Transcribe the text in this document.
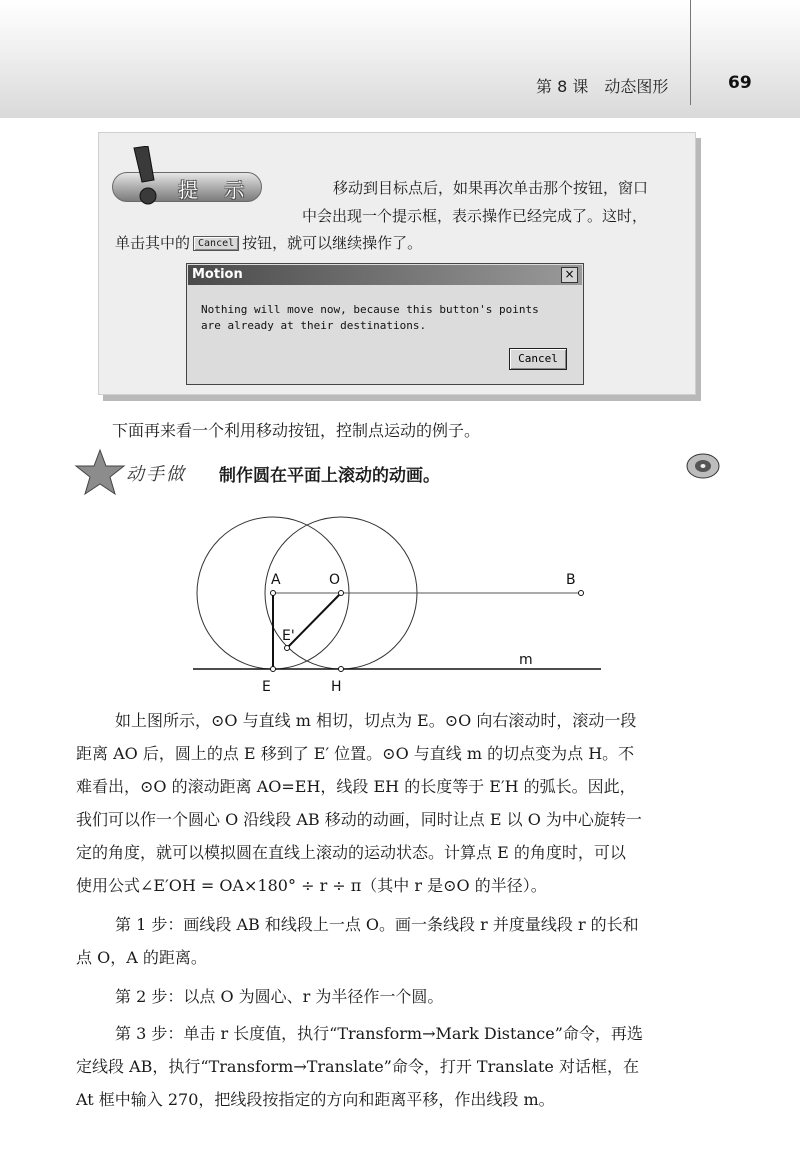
第 8 课　动态图形	69
提 示	移动到目标点后，如果再次单击那个按钮，窗口
中会出现一个提示框，表示操作已经完成了。这时，
单击其中的 Cancel 按钮，就可以继续操作了。
Motion	×
Nothing will move now, because this button's points
are already at their destinations.
Cancel
下面再来看一个利用移动按钮，控制点运动的例子。
动手做 制作圆在平面上滚动的动画。
A	O	B
E'
m
E	H
如上图所示，⊙O 与直线 m 相切，切点为 E。⊙O 向右滚动时，滚动一段
距离 AO 后，圆上的点 E 移到了 E′ 位置。⊙O 与直线 m 的切点变为点 H。不
难看出，⊙O 的滚动距离 AO=EH，线段 EH 的长度等于 E′H 的弧长。因此，
我们可以作一个圆心 O 沿线段 AB 移动的动画，同时让点 E 以 O 为中心旋转一
定的角度，就可以模拟圆在直线上滚动的运动状态。计算点 E 的角度时，可以
使用公式∠E′OH = OA×180° ÷ r ÷ π（其中 r 是⊙O 的半径）。
第 1 步：画线段 AB 和线段上一点 O。画一条线段 r 并度量线段 r 的长和
点 O，A 的距离。
第 2 步：以点 O 为圆心、r 为半径作一个圆。
第 3 步：单击 r 长度值，执行“Transform→Mark Distance”命令，再选
定线段 AB，执行“Transform→Translate”命令，打开 Translate 对话框，在
At 框中输入 270，把线段按指定的方向和距离平移，作出线段 m。
